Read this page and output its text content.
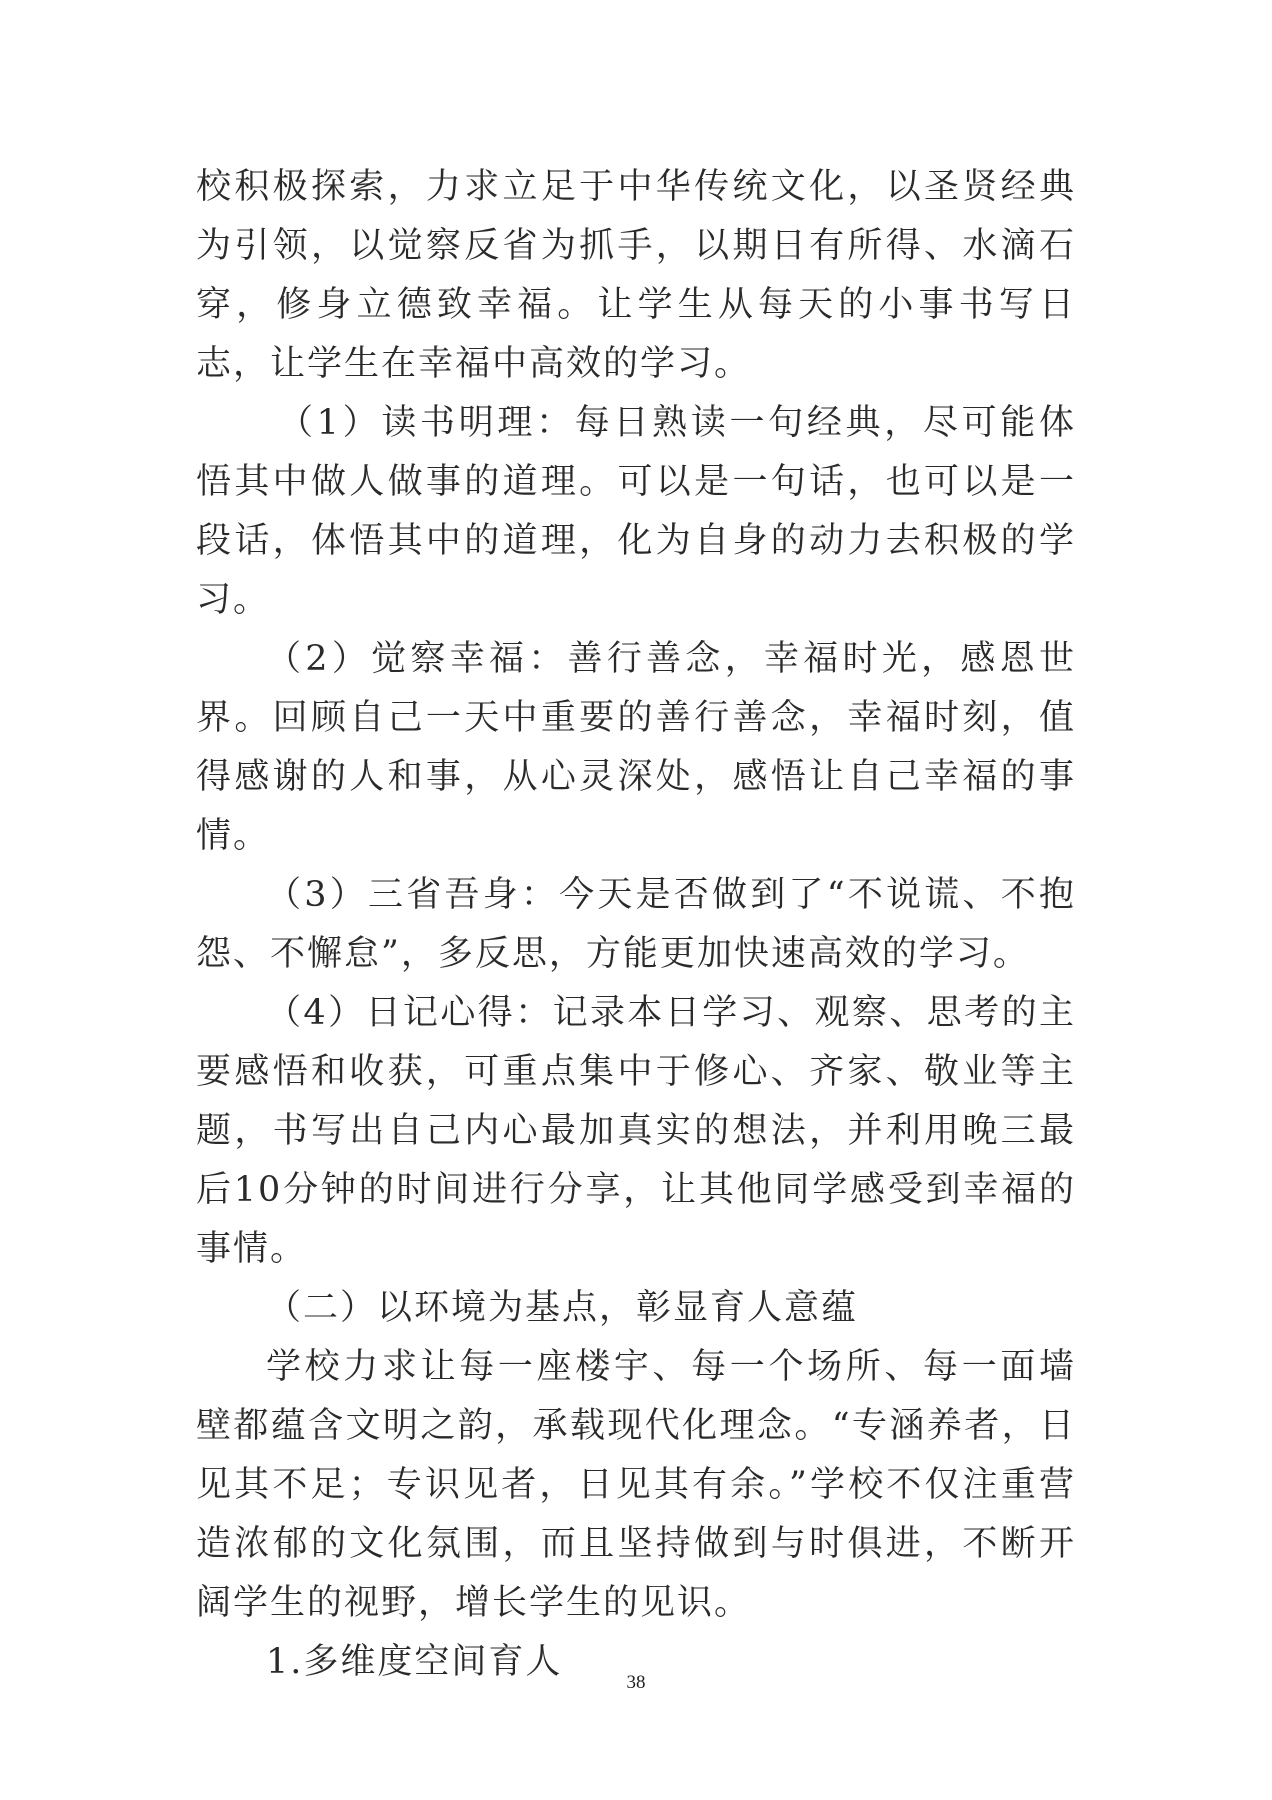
校积极探索，力求立足于中华传统文化，以圣贤经典为引领，以觉察反省为抓手，以期日有所得、水滴石穿，修身立德致幸福。让学生从每天的小事书写日志，让学生在幸福中高效的学习。

（1）读书明理：每日熟读一句经典，尽可能体悟其中做人做事的道理。可以是一句话，也可以是一段话，体悟其中的道理，化为自身的动力去积极的学习。

（2）觉察幸福：善行善念，幸福时光，感恩世界。回顾自己一天中重要的善行善念，幸福时刻，值得感谢的人和事，从心灵深处，感悟让自己幸福的事情。

（3）三省吾身：今天是否做到了“不说谎、不抱怨、不懈怠”，多反思，方能更加快速高效的学习。

（4）日记心得：记录本日学习、观察、思考的主要感悟和收获，可重点集中于修心、齐家、敬业等主题，书写出自己内心最加真实的想法，并利用晚三最后10分钟的时间进行分享，让其他同学感受到幸福的事情。

（二）以环境为基点，彰显育人意蕴

学校力求让每一座楼宇、每一个场所、每一面墙壁都蕴含文明之韵，承载现代化理念。“专涵养者，日见其不足；专识见者，日见其有余。”学校不仅注重营造浓郁的文化氛围，而且坚持做到与时俱进，不断开阔学生的视野，增长学生的见识。

1.多维度空间育人

38
